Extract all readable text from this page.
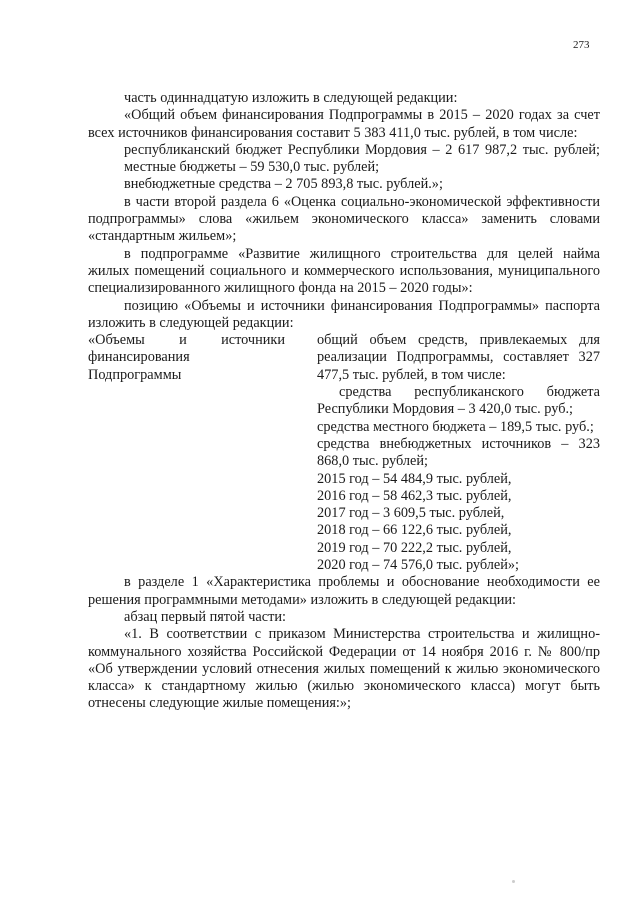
273

часть одиннадцатую изложить в следующей редакции:

«Общий объем финансирования Подпрограммы в 2015 – 2020 годах за счет всех источников финансирования составит 5 383 411,0 тыс. рублей, в том числе:

республиканский бюджет Республики Мордовия – 2 617 987,2 тыс. рублей;

местные бюджеты – 59 530,0 тыс. рублей;

внебюджетные средства – 2 705 893,8 тыс. рублей.»;

в части второй раздела 6 «Оценка социально-экономической эффективности подпрограммы» слова «жильем экономического класса» заменить словами «стандартным жильем»;

в подпрограмме «Развитие жилищного строительства для целей найма жилых помещений социального и коммерческого использования, муниципального специализированного жилищного фонда на 2015 – 2020 годы»:

позицию «Объемы и источники финансирования Подпрограммы» паспорта изложить в следующей редакции:

«Объемы и источники финансирования Подпрограммы

общий объем средств, привлекаемых для реализации Подпрограммы, составляет 327 477,5 тыс. рублей, в том числе:

средства республиканского бюджета Республики Мордовия – 3 420,0 тыс. руб.;

средства местного бюджета – 189,5 тыс. руб.;

средства внебюджетных источников – 323 868,0 тыс. рублей;

2015 год – 54 484,9 тыс. рублей,

2016 год – 58 462,3 тыс. рублей,

2017 год – 3 609,5 тыс. рублей,

2018 год – 66 122,6 тыс. рублей,

2019 год – 70 222,2 тыс. рублей,

2020 год – 74 576,0 тыс. рублей»;

в разделе 1 «Характеристика проблемы и обоснование необходимости ее решения программными методами» изложить в следующей редакции:

абзац первый пятой части:

«1. В соответствии с приказом Министерства строительства и жилищно-коммунального хозяйства Российской Федерации от 14 ноября 2016 г. № 800/пр «Об утверждении условий отнесения жилых помещений к жилью экономического класса» к стандартному жилью (жилью экономического класса) могут быть отнесены следующие жилые помещения:»;
